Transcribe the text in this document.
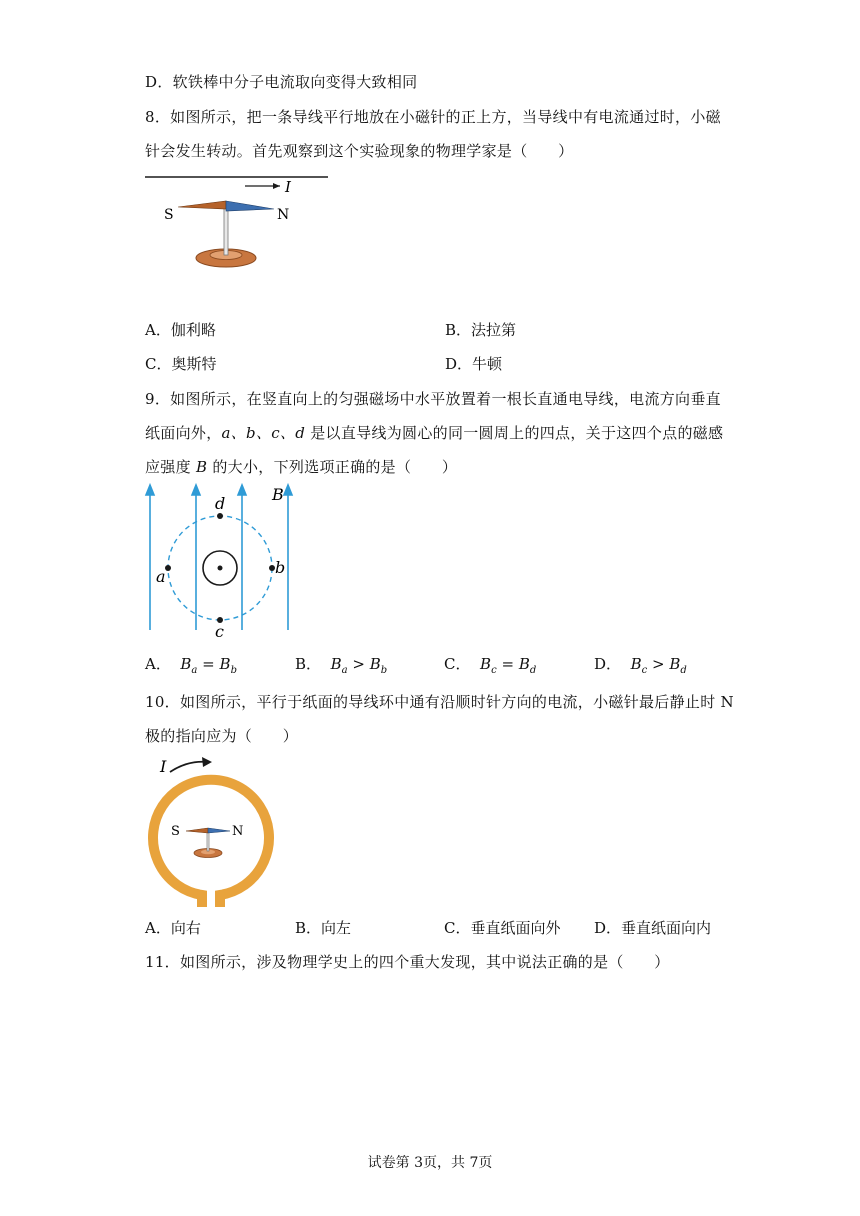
D．软铁棒中分子电流取向变得大致相同
8．如图所示，把一条导线平行地放在小磁针的正上方，当导线中有电流通过时，小磁
针会发生转动。首先观察到这个实验现象的物理学家是（　　）
I
S	N
A．伽利略	B．法拉第
C．奥斯特	D．牛顿
9．如图所示，在竖直向上的匀强磁场中水平放置着一根长直通电导线，电流方向垂直
纸面向外，a、b、c、d 是以直导线为圆心的同一圆周上的四点，关于这四个点的磁感
应强度 B 的大小，下列选项正确的是（　　）
B
d
c
a	b
A． $B_a = B_b$	B． $B_a > B_b$	C． $B_c = B_d$	D． $B_c > B_d$
10．如图所示，平行于纸面的导线环中通有沿顺时针方向的电流，小磁针最后静止时 N
极的指向应为（　　）
I
S	N
A．向右	B．向左	C．垂直纸面向外 D．垂直纸面向内
11．如图所示，涉及物理学史上的四个重大发现，其中说法正确的是（　　）
试卷第 3页，共 7页
